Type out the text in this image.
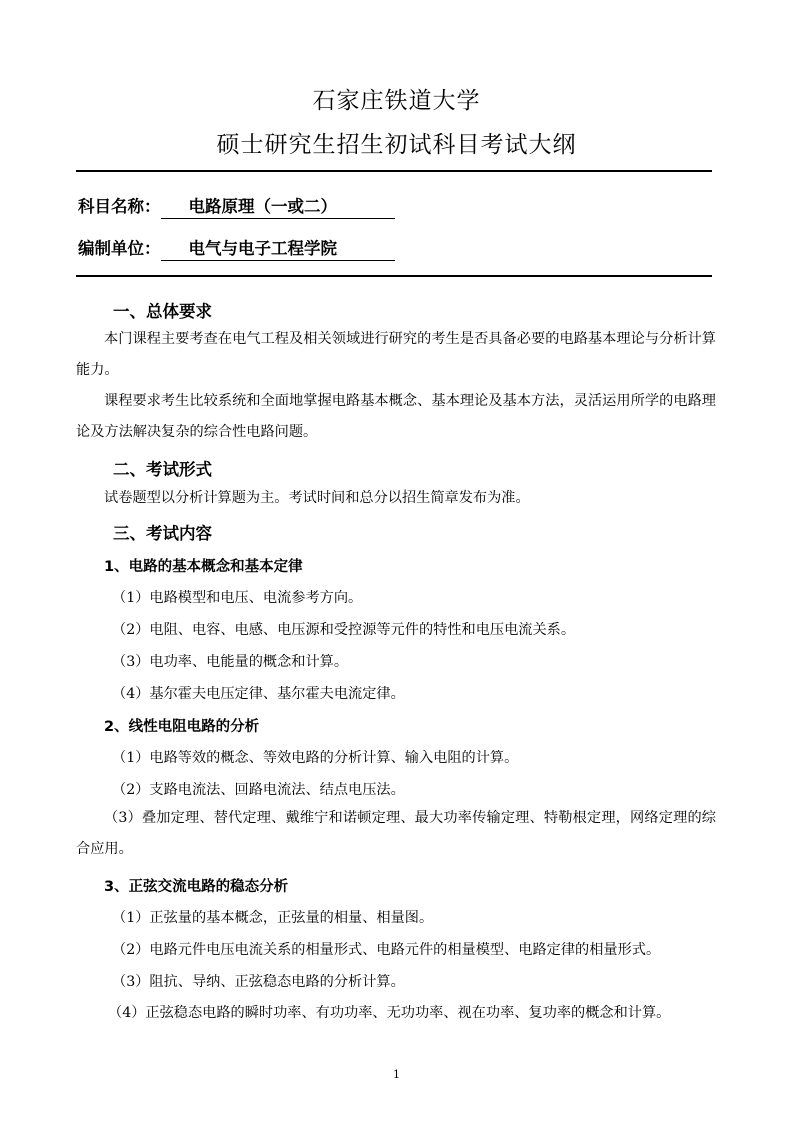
石家庄铁道大学
硕士研究生招生初试科目考试大纲
科目名称： 电路原理（一或二）
编制单位： 电气与电子工程学院
一、总体要求
本门课程主要考查在电气工程及相关领域进行研究的考生是否具备必要的电路基本理论与分析计算能力。
课程要求考生比较系统和全面地掌握电路基本概念、基本理论及基本方法，灵活运用所学的电路理论及方法解决复杂的综合性电路问题。
二、考试形式
试卷题型以分析计算题为主。考试时间和总分以招生简章发布为准。
三、考试内容
1、电路的基本概念和基本定律
（1）电路模型和电压、电流参考方向。
（2）电阻、电容、电感、电压源和受控源等元件的特性和电压电流关系。
（3）电功率、电能量的概念和计算。
（4）基尔霍夫电压定律、基尔霍夫电流定律。
2、线性电阻电路的分析
（1）电路等效的概念、等效电路的分析计算、输入电阻的计算。
（2）支路电流法、回路电流法、结点电压法。
（3）叠加定理、替代定理、戴维宁和诺顿定理、最大功率传输定理、特勒根定理，网络定理的综合应用。
3、正弦交流电路的稳态分析
（1）正弦量的基本概念，正弦量的相量、相量图。
（2）电路元件电压电流关系的相量形式、电路元件的相量模型、电路定律的相量形式。
（3）阻抗、导纳、正弦稳态电路的分析计算。
（4）正弦稳态电路的瞬时功率、有功功率、无功功率、视在功率、复功率的概念和计算。
1
